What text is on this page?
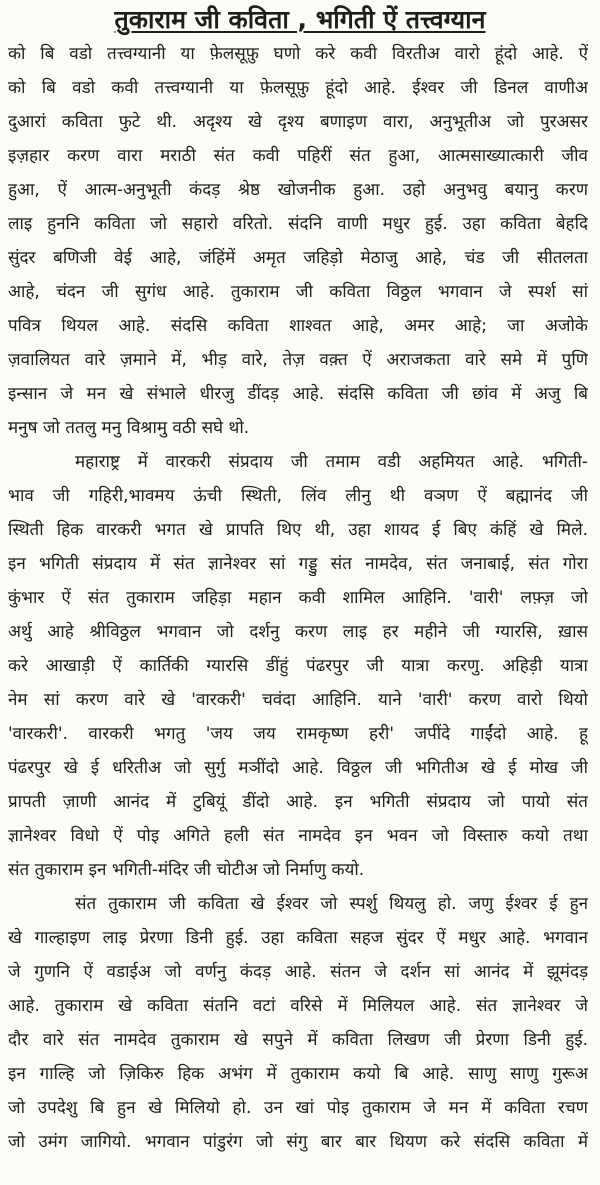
तुकाराम जी कविता , भगिती ऐं तत्त्वग्यान
को बि वडो तत्त्वग्यानी या फ़ेलसूफ़ु घणो करे कवी विरतीअ वारो हूंदो आहे. ऐं
को बि वडो कवी तत्त्वग्यानी या फ़ेलसूफ़ु हूंदो आहे. ईश्वर जी डिनल वाणीअ
दुआरां कविता फुटे थी. अदृश्य खे दृश्य बणाइण वारा, अनुभूतीअ जो पुरअसर
इज़हार करण वारा मराठी संत कवी पहिरीं संत हुआ, आत्मसाख्यात्कारी जीव
हुआ, ऐं आत्म-अनुभूती कंदड़ श्रेष्ठ खोजनीक हुआ. उहो अनुभवु बयानु करण
लाइ हुननि कविता जो सहारो वरितो. संदनि वाणी मधुर हुई. उहा कविता बेहदि
सुंदर बणिजी वेई आहे, जंहिंमें अमृत जहिड़ो मेठाजु आहे, चंड जी सीतलता
आहे, चंदन जी सुगंध आहे. तुकाराम जी कविता विठ्ठल भगवान जे स्पर्श सां
पवित्र थियल आहे. संदसि कविता शाश्वत आहे, अमर आहे; जा अजोके
ज़वालियत वारे ज़माने में, भीड़ वारे, तेज़ वक़्त ऐं अराजकता वारे समे में पुणि
इन्सान जे मन खे संभाले धीरजु डींदड़ आहे. संदसि कविता जी छांव में अजु बि
मनुष जो ततलु मनु विश्रामु वठी सघे थो.
महाराष्ट्र में वारकरी संप्रदाय जी तमाम वडी अहमियत आहे. भगिती-
भाव जी गहिरी,भावमय ऊंची स्थिती, लिंव लीनु थी वञण ऐं बह्मानंद जी
स्थिती हिक वारकरी भगत खे प्रापति थिए थी, उहा शायद ई बिए कंहिं खे मिले.
इन भगिती संप्रदाय में संत ज्ञानेश्वर सां गड्डु संत नामदेव, संत जनाबाई, संत गोरा
कुंभार ऐं संत तुकाराम जहिड़ा महान कवी शामिल आहिनि. 'वारी' लफ़्ज़ जो
अर्थु आहे श्रीविठ्ठल भगवान जो दर्शनु करण लाइ हर महीने जी ग्यारसि, ख़ास
करे आखाड़ी ऐं कार्तिकी ग्यारसि डींहुं पंढरपुर जी यात्रा करणु. अहिड़ी यात्रा
नेम सां करण वारे खे 'वारकरी' चवंदा आहिनि. याने 'वारी' करण वारो थियो
'वारकरी'. वारकरी भगतु 'जय जय रामकृष्ण हरी' जपींदे गाईंदो आहे. हू
पंढरपुर खे ई धरितीअ जो सुर्गु मञींदो आहे. विठ्ठल जी भगितीअ खे ई मोख जी
प्रापती ज़ाणी आनंद में टुबियूं डींदो आहे. इन भगिती संप्रदाय जो पायो संत
ज्ञानेश्वर विधो ऐं पोइ अगिते हली संत नामदेव इन भवन जो विस्तारु कयो तथा
संत तुकाराम इन भगिती-मंदिर जी चोटीअ जो निर्माणु कयो.
संत तुकाराम जी कविता खे ईश्वर जो स्पर्शु थियलु हो. जणु ईश्वर ई हुन
खे गाल्हाइण लाइ प्रेरणा डिनी हुई. उहा कविता सहज सुंदर ऐं मधुर आहे. भगवान
जे गुणनि ऐं वडाईअ जो वर्णनु कंदड़ आहे. संतन जे दर्शन सां आनंद में झूमंदड़
आहे. तुकाराम खे कविता संतनि वटां वरिसे में मिलियल आहे. संत ज्ञानेश्वर जे
दौर वारे संत नामदेव तुकाराम खे सपुने में कविता लिखण जी प्रेरणा डिनी हुई.
इन गाल्हि जो ज़िकिरु हिक अभंग में तुकाराम कयो बि आहे. साणु साणु गुरूअ
जो उपदेशु बि हुन खे मिलियो हो. उन खां पोइ तुकाराम जे मन में कविता रचण
जो उमंग जागियो. भगवान पांडुरंग जो संगु बार बार थियण करे संदसि कविता में
